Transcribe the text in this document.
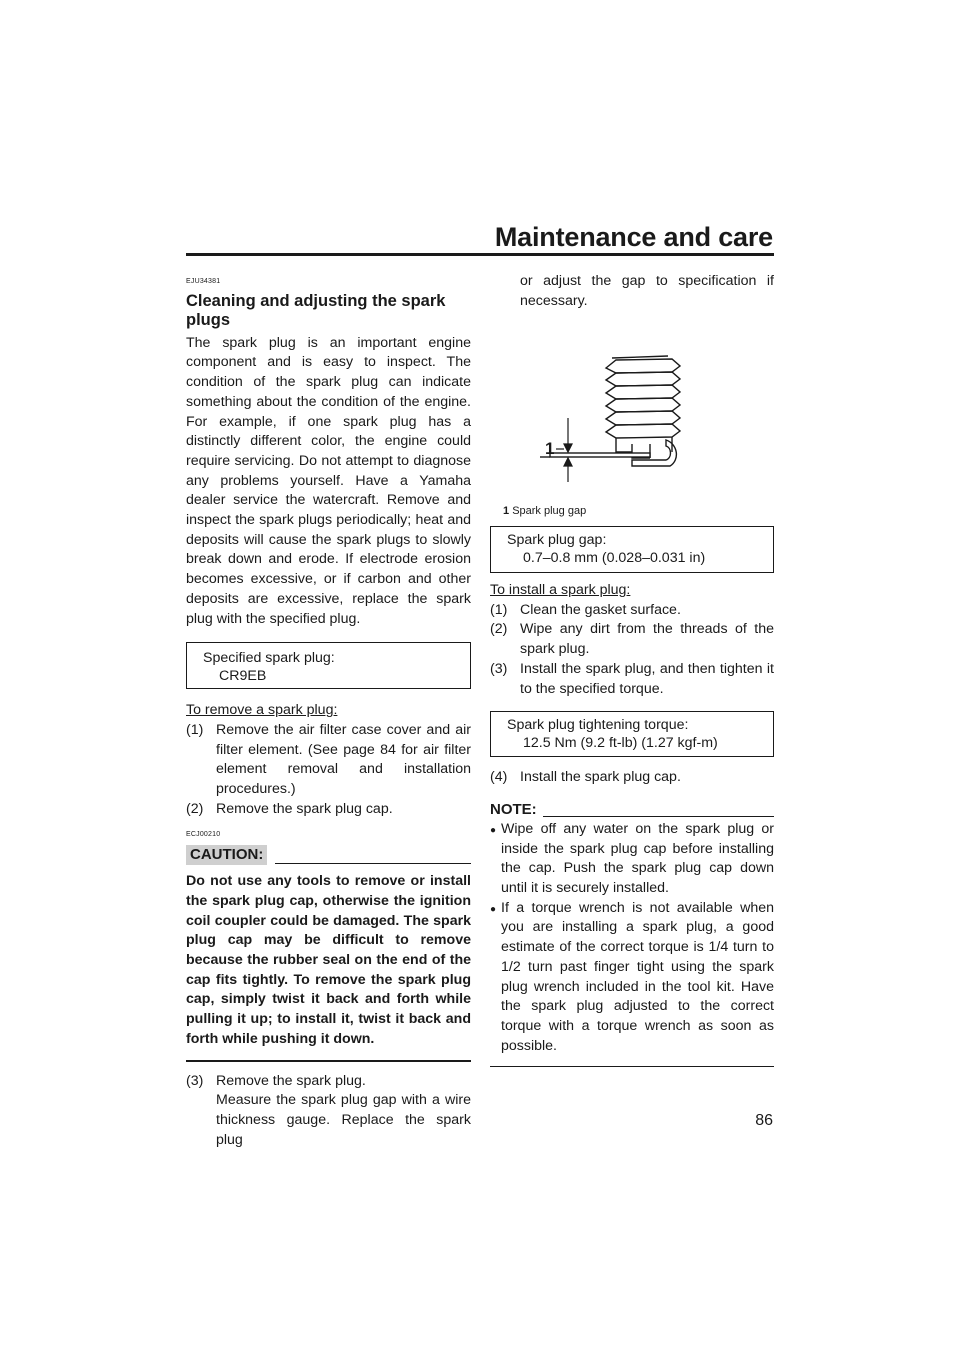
Maintenance and care
EJU34381
Cleaning and adjusting the spark plugs
The spark plug is an important engine component and is easy to inspect. The condition of the spark plug can indicate something about the condition of the engine. For example, if one spark plug has a distinctly different color, the engine could require servicing. Do not attempt to diagnose any problems yourself. Have a Yamaha dealer service the watercraft. Remove and inspect the spark plugs periodically; heat and deposits will cause the spark plugs to slowly break down and erode. If electrode erosion becomes excessive, or if carbon and other deposits are excessive, replace the spark plug with the specified plug.
Specified spark plug:
CR9EB
To remove a spark plug:
(1) Remove the air filter case cover and air filter element. (See page 84 for air filter element removal and installation procedures.)
(2) Remove the spark plug cap.
ECJ00210
CAUTION:
Do not use any tools to remove or install the spark plug cap, otherwise the ignition coil coupler could be damaged. The spark plug cap may be difficult to remove because the rubber seal on the end of the cap fits tightly. To remove the spark plug cap, simply twist it back and forth while pulling it up; to install it, twist it back and forth while pushing it down.
(3) Remove the spark plug.
Measure the spark plug gap with a wire thickness gauge. Replace the spark plug
or adjust the gap to specification if necessary.
1
1 Spark plug gap
Spark plug gap:
0.7–0.8 mm (0.028–0.031 in)
To install a spark plug:
(1) Clean the gasket surface.
(2) Wipe any dirt from the threads of the spark plug.
(3) Install the spark plug, and then tighten it to the specified torque.
Spark plug tightening torque:
12.5 Nm (9.2 ft-lb) (1.27 kgf-m)
(4) Install the spark plug cap.
NOTE:
● Wipe off any water on the spark plug or inside the spark plug cap before installing the cap. Push the spark plug cap down until it is securely installed.
● If a torque wrench is not available when you are installing a spark plug, a good estimate of the correct torque is 1/4 turn to 1/2 turn past finger tight using the spark plug wrench included in the tool kit. Have the spark plug adjusted to the correct torque with a torque wrench as soon as possible.
86
